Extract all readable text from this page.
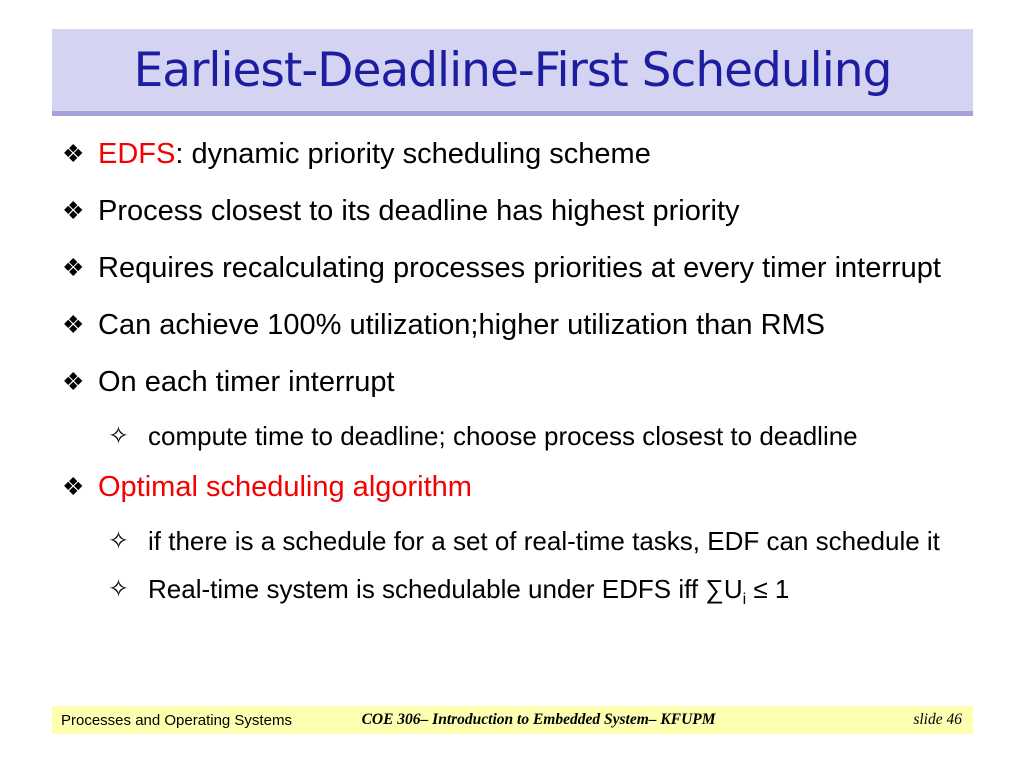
Earliest-Deadline-First Scheduling
❖ EDFS: dynamic priority scheduling scheme
❖ Process closest to its deadline has highest priority
❖ Requires recalculating processes priorities at every timer interrupt
❖ Can achieve 100% utilization;higher utilization than RMS
❖ On each timer interrupt
✧ compute time to deadline; choose process closest to deadline
❖ Optimal scheduling algorithm
✧ if there is a schedule for a set of real-time tasks, EDF can schedule it
✧ Real-time system is schedulable under EDFS iff $\sum U_i \le 1$
Processes and Operating Systems	COE 306– Introduction to Embedded System– KFUPM	slide 46
